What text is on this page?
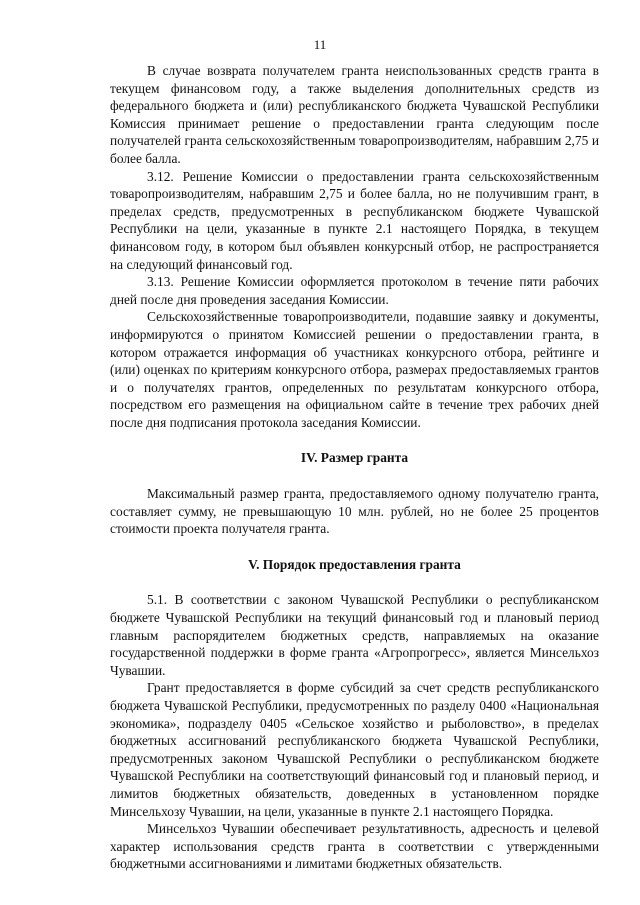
11

В случае возврата получателем гранта неиспользованных средств гранта в текущем финансовом году, а также выделения дополнительных средств из федерального бюджета и (или) республиканского бюджета Чувашской Республики Комиссия принимает решение о предоставлении гранта следующим после получателей гранта сельскохозяйственным товаропроизводителям, набравшим 2,75 и более балла.

3.12. Решение Комиссии о предоставлении гранта сельскохозяйственным товаропроизводителям, набравшим 2,75 и более балла, но не получившим грант, в пределах средств, предусмотренных в республиканском бюджете Чувашской Республики на цели, указанные в пункте 2.1 настоящего Порядка, в текущем финансовом году, в котором был объявлен конкурсный отбор, не распространяется на следующий финансовый год.

3.13. Решение Комиссии оформляется протоколом в течение пяти рабочих дней после дня проведения заседания Комиссии.

Сельскохозяйственные товаропроизводители, подавшие заявку и документы, информируются о принятом Комиссией решении о предоставлении гранта, в котором отражается информация об участниках конкурсного отбора, рейтинге и (или) оценках по критериям конкурсного отбора, размерах предоставляемых грантов и о получателях грантов, определенных по результатам конкурсного отбора, посредством его размещения на официальном сайте в течение трех рабочих дней после дня подписания протокола заседания Комиссии.

IV. Размер гранта

Максимальный размер гранта, предоставляемого одному получателю гранта, составляет сумму, не превышающую 10 млн. рублей, но не более 25 процентов стоимости проекта получателя гранта.

V. Порядок предоставления гранта

5.1. В соответствии с законом Чувашской Республики о республиканском бюджете Чувашской Республики на текущий финансовый год и плановый период главным распорядителем бюджетных средств, направляемых на оказание государственной поддержки в форме гранта «Агропрогресс», является Минсельхоз Чувашии.

Грант предоставляется в форме субсидий за счет средств республиканского бюджета Чувашской Республики, предусмотренных по разделу 0400 «Национальная экономика», подразделу 0405 «Сельское хозяйство и рыболовство», в пределах бюджетных ассигнований республиканского бюджета Чувашской Республики, предусмотренных законом Чувашской Республики о республиканском бюджете Чувашской Республики на соответствующий финансовый год и плановый период, и лимитов бюджетных обязательств, доведенных в установленном порядке Минсельхозу Чувашии, на цели, указанные в пункте 2.1 настоящего Порядка.

Минсельхоз Чувашии обеспечивает результативность, адресность и целевой характер использования средств гранта в соответствии с утвержденными бюджетными ассигнованиями и лимитами бюджетных обязательств.
